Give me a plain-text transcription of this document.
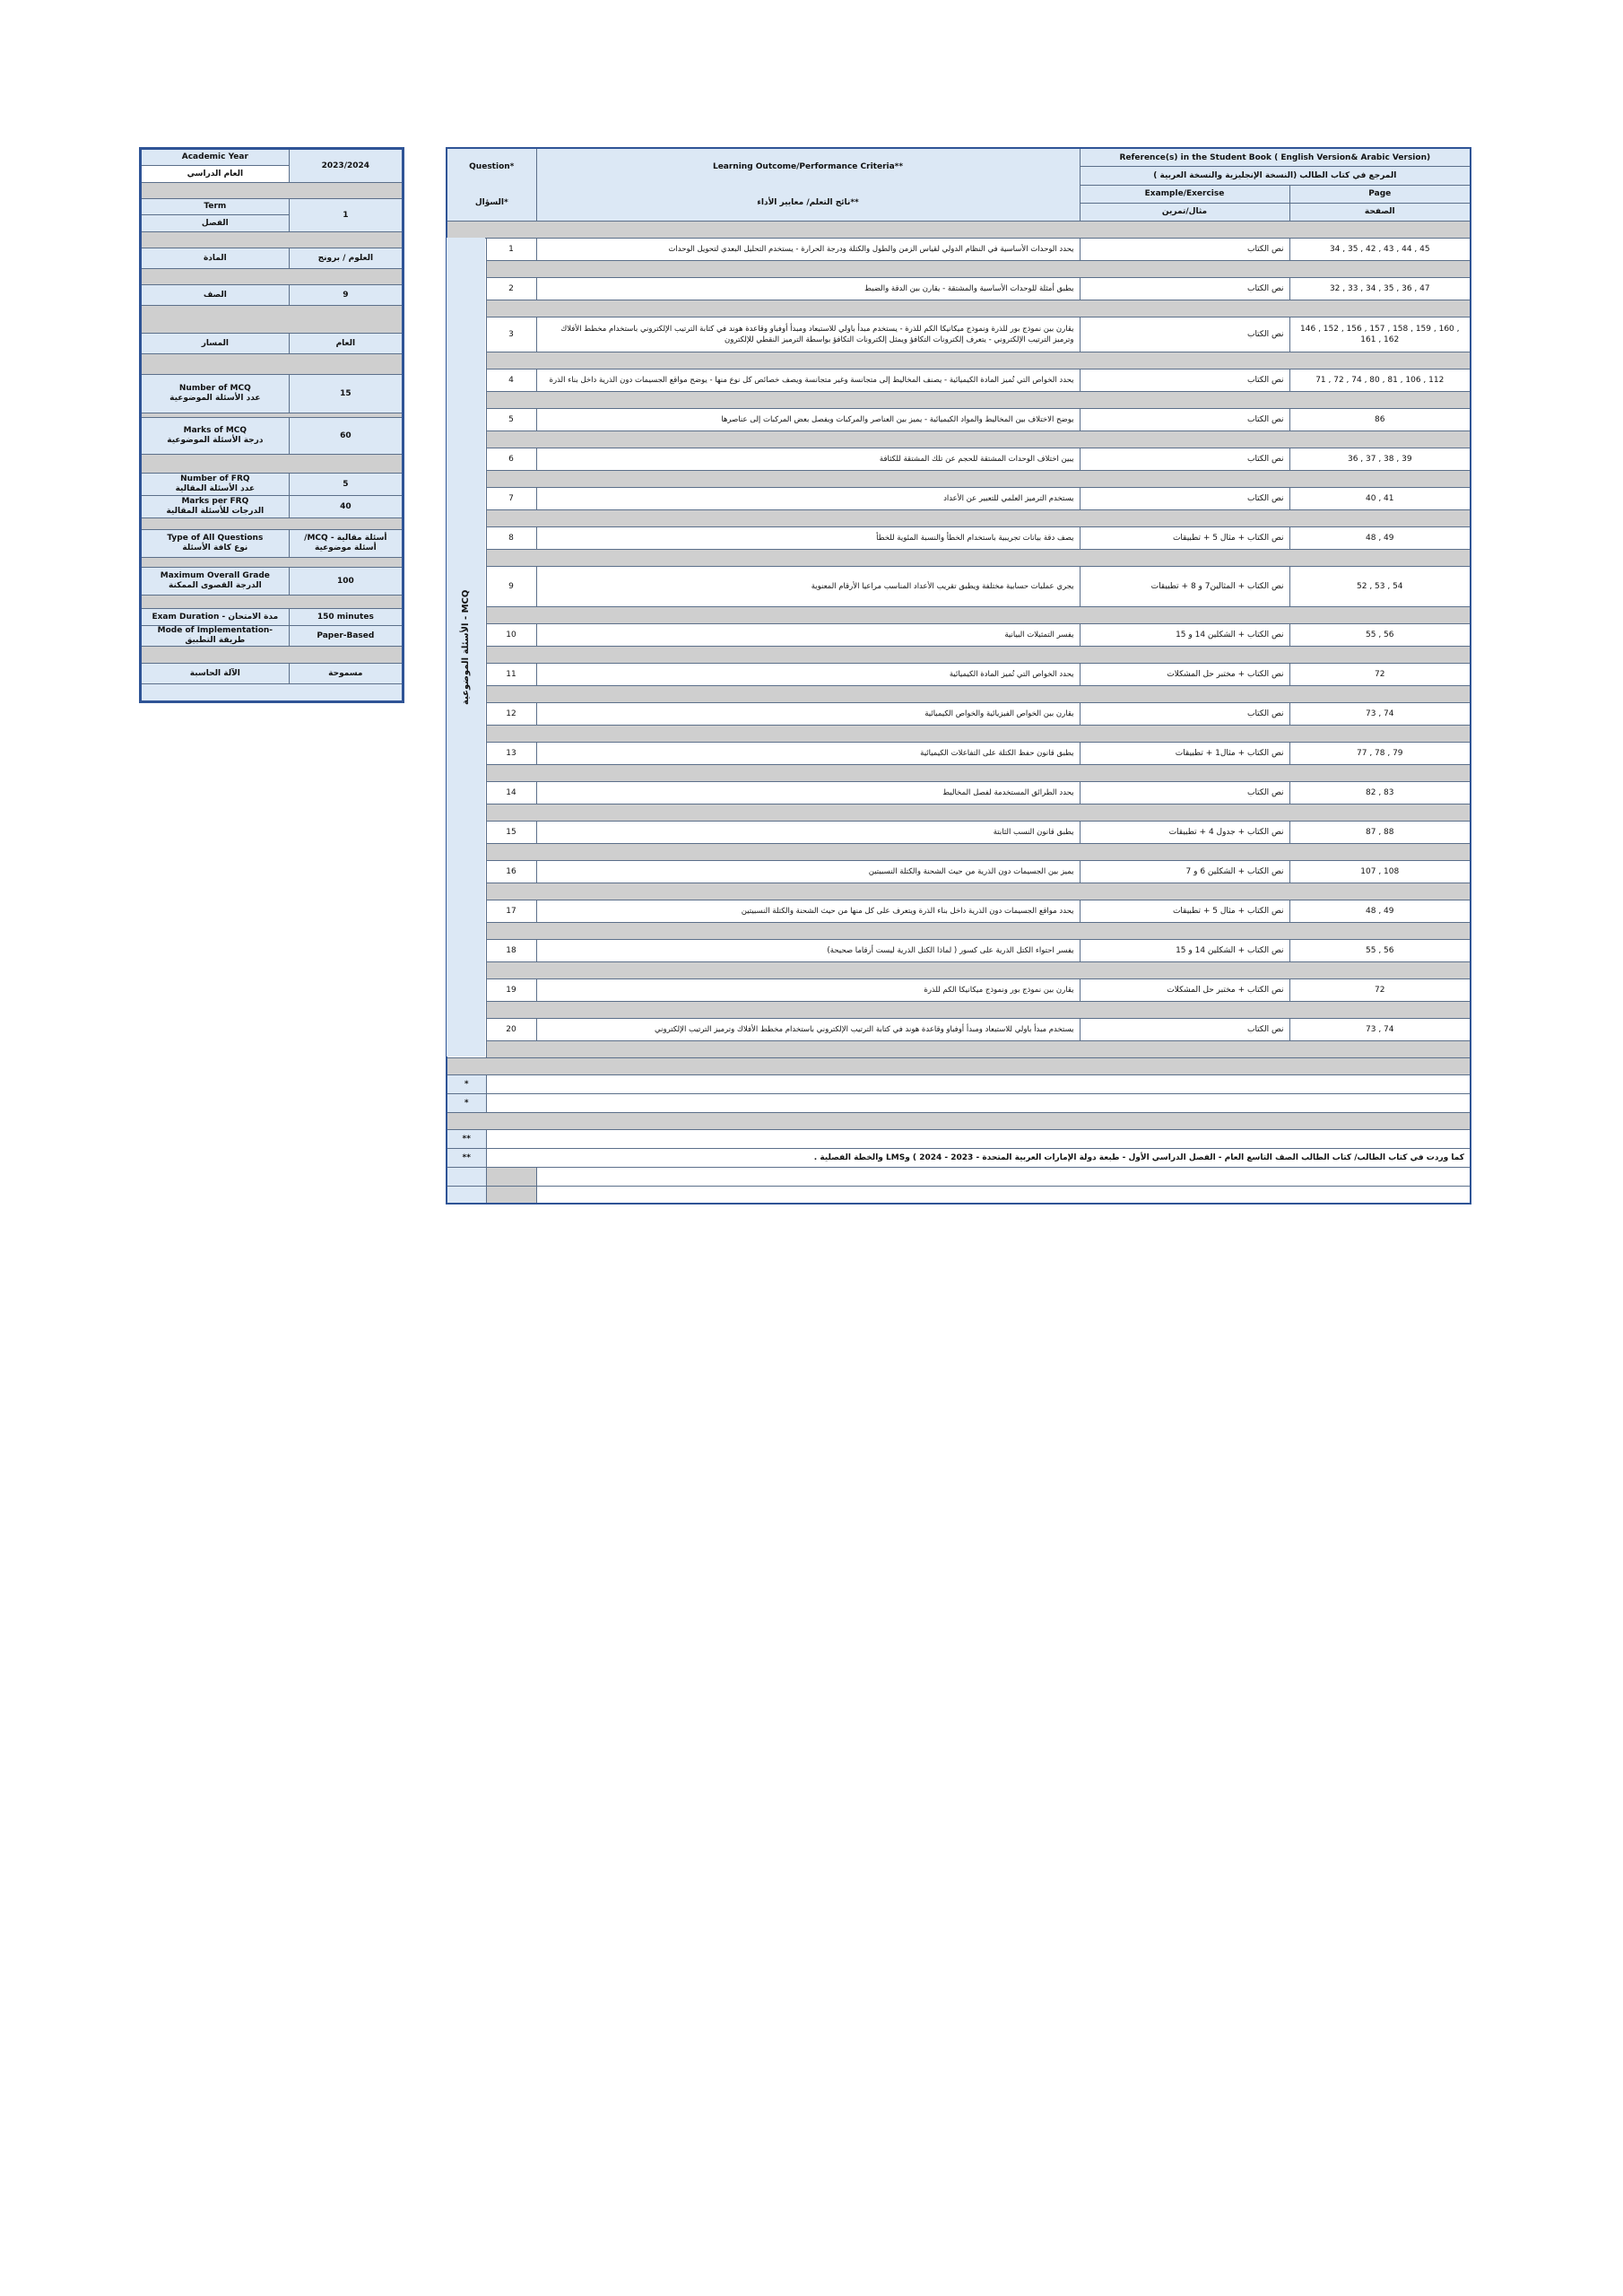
Academic Year	2023/2024
العام الدراسي	

Term	1
الفصل	

المادة	العلوم / برونج

الصف	9

المسار	العام

Number of MCQ
عدد الأسئلة الموضوعية	15

Marks of MCQ
درجة الأسئلة الموضوعية	60

Number of FRQ
عدد الأسئلة المقالية	5

Marks per FRQ
الدرجات للأسئلة المقالية	40

Type of All Questions
نوع كافة الأسئلة	أسئلة مقالية - MCQ/ أسئلة موضوعية

Maximum Overall Grade
الدرجة القصوى الممكنة	100

Exam Duration - مدة الامتحان	150 minutes
Mode of Implementation- طريقة التطبيق	Paper-Based

الآلة الحاسبة	مسموحة

Question*		Learning Outcome/Performance Criteria**	Reference(s) in the Student Book ( English Version& Arabic Version)	
			المرجع في كتاب الطالب (النسخة الإنجليزية والنسخة العربية )	
السؤال*		نائج التعلم/ معايير الأداء**	Example/Exercise	Page
			مثال/تمرين	الصفحة

الأسئلة الموضوعية - MCQ	1	يحدد الوحدات الأساسية في النظام الدولي لقياس الزمن والطول والكتلة ودرجة الحرارة - يستخدم التحليل البعدي لتحويل الوحدات	نص الكتاب	34 , 35 , 42 , 43 , 44 , 45

	2	يطبق أمثلة للوحدات الأساسية والمشتقة - يقارن بين الدقة والضبط	نص الكتاب	32 , 33 , 34 , 35 , 36 , 47

	3	يقارن بين نموذج بور للذرة ونموذج ميكانيكا الكم للذرة - يستخدم مبدأ باولي للاستبعاد ومبدأ أوفباو وقاعدة هوند في كتابة الترتيب الإلكتروني باستخدام مخطط الأفلاك وترميز الترتيب الإلكتروني - يتعرف إلكترونات التكافؤ ويمثل إلكترونات التكافؤ بواسطة الترميز النقطي للإلكترون	نص الكتاب	146 , 152 , 156 , 157 , 158 , 159 , 160 , 161 , 162

	4	يحدد الخواص التي تُميز المادة الكيميائية - يصنف المخاليط إلى متجانسة وغير متجانسة ويصف خصائص كل نوع منها - يوضح مواقع الجسيمات دون الذرية داخل بناء الذرة	نص الكتاب	71 , 72 , 74 , 80 , 81 , 106 , 112

	5	يوضح الاختلاف بين المخاليط والمواد الكيميائية - يميز بين العناصر والمركبات ويفصل بعض المركبات إلى عناصرها	نص الكتاب	86

	6	يبين اختلاف الوحدات المشتقة للحجم عن تلك المشتقة للكثافة	نص الكتاب	36 , 37 , 38 , 39

	7	يستخدم الترميز العلمي للتعبير عن الأعداد	نص الكتاب	40 , 41

	8	يصف دقة بيانات تجريبية باستخدام الخطأ والنسبة المئوية للخطأ	نص الكتاب + مثال 5 + تطبيقات	48 , 49

	9	يجري عمليات حسابية مختلفة ويطبق تقريب الأعداد المناسب مراعيا الأرقام المعنوية	نص الكتاب + المثالين7 و 8 + تطبيقات	52 , 53 , 54

	10	يفسر التمثيلات البيانية	نص الكتاب + الشكلين 14 و 15	55 , 56

	11	يحدد الخواص التي تُميز المادة الكيميائية	نص الكتاب + مختبر حل المشكلات	72

	12	يقارن بين الخواص الفيزيائية والخواص الكيميائية	نص الكتاب	73 , 74

	13	يطبق قانون حفظ الكتلة على التفاعلات الكيميائية	نص الكتاب + مثال1 + تطبيقات	77 , 78 , 79

	14	يحدد الطرائق المستخدمة لفصل المخاليط	نص الكتاب	82 , 83

	15	يطبق قانون النسب الثابتة	نص الكتاب + جدول 4 + تطبيقات	87 , 88

	16	يميز بين الجسيمات دون الذرية من حيث الشحنة والكتلة النسبيتين	نص الكتاب + الشكلين 6 و 7	107 , 108

	17	يحدد مواقع الجسيمات دون الذرية داخل بناء الذرة ويتعرف على كل منها من حيث الشحنة والكتلة النسبيتين	نص الكتاب + مثال 5 + تطبيقات	48 , 49

	18	يفسر احتواء الكتل الذرية على كسور ( لماذا الكتل الذرية ليست أرقاما صحيحة)	نص الكتاب + الشكلين 14 و 15	55 , 56

	19	يقارن بين نموذج بور ونموذج ميكانيكا الكم للذرة	نص الكتاب + مختبر حل المشكلات	72

	20	يستخدم مبدأ باولي للاستبعاد ومبدأ أوفباو وقاعدة هوند في كتابة الترتيب الإلكتروني باستخدام مخطط الأفلاك وترميز الترتيب الإلكتروني	نص الكتاب	73 , 74

*				
*				

**				
**	كما وردت في كتاب الطالب/ كتاب الطالب الصف التاسع العام - الفصل الدراسي الأول - طبعة دولة الإمارات العربية المتحدة - 2023 - 2024 ) وLMS والخطة الفصلية .			
